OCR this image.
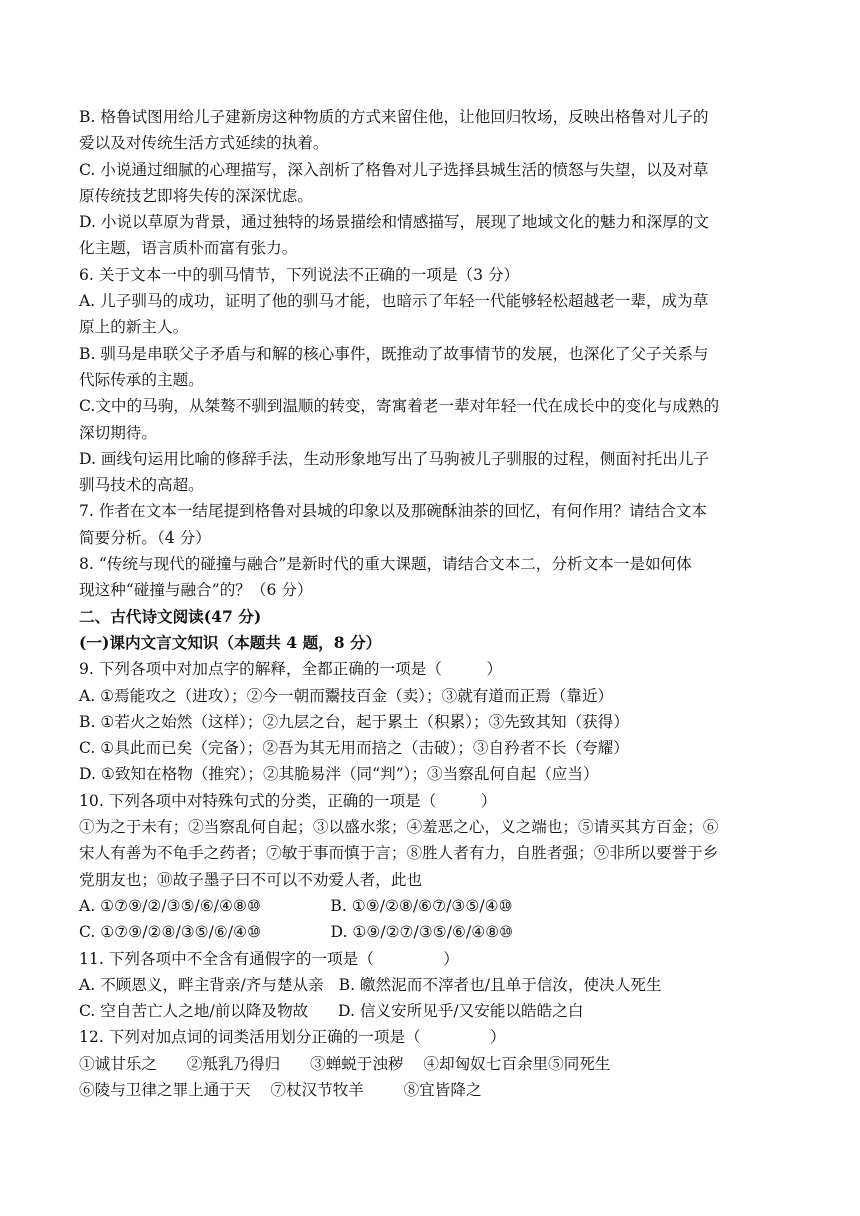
B. 格鲁试图用给儿子建新房这种物质的方式来留住他，让他回归牧场，反映出格鲁对儿子的
爱以及对传统生活方式延续的执着。
C. 小说通过细腻的心理描写，深入剖析了格鲁对儿子选择县城生活的愤怒与失望，以及对草
原传统技艺即将失传的深深忧虑。
D. 小说以草原为背景，通过独特的场景描绘和情感描写，展现了地域文化的魅力和深厚的文
化主题，语言质朴而富有张力。
6. 关于文本一中的驯马情节，下列说法不正确的一项是（3 分）
A. 儿子驯马的成功，证明了他的驯马才能，也暗示了年轻一代能够轻松超越老一辈，成为草
原上的新主人。
B. 驯马是串联父子矛盾与和解的核心事件，既推动了故事情节的发展，也深化了父子关系与
代际传承的主题。
C.文中的马驹，从桀骜不驯到温顺的转变，寄寓着老一辈对年轻一代在成长中的变化与成熟的
深切期待。
D. 画线句运用比喻的修辞手法，生动形象地写出了马驹被儿子驯服的过程，侧面衬托出儿子
驯马技术的高超。
7. 作者在文本一结尾提到格鲁对县城的印象以及那碗酥油茶的回忆，有何作用？请结合文本
简要分析。（4 分）
8. “传统与现代的碰撞与融合”是新时代的重大课题，请结合文本二，分析文本一是如何体
现这种“碰撞与融合”的？（6 分）
二、古代诗文阅读(47 分)
(一)课内文言文知识（本题共 4 题，8 分）
9. 下列各项中对加点字的解释，全都正确的一项是（         ）
A. ①焉能攻之（进攻）；②今一朝而鬻技百金（卖）；③就有道而正焉（靠近）
B. ①若火之始然（这样）；②九层之台，起于累土（积累）；③先致其知（获得）
C. ①具此而已矣（完备）；②吾为其无用而掊之（击破）；③自矜者不长（夸耀）
D. ①致知在格物（推究）；②其脆易泮（同“判”）；③当察乱何自起（应当）
10. 下列各项中对特殊句式的分类，正确的一项是（         ）
①为之于未有；②当察乱何自起；③以盛水浆；④羞恶之心，义之端也；⑤请买其方百金；⑥
宋人有善为不龟手之药者；⑦敏于事而慎于言；⑧胜人者有力，自胜者强；⑨非所以要誉于乡
党朋友也；⑩故子墨子曰不可以不劝爱人者，此也
A. ①⑦⑨/②/③⑤/⑥/④⑧⑩              B. ①⑨/②⑧/⑥⑦/③⑤/④⑩
C. ①⑦⑨/②⑧/③⑤/⑥/④⑩              D. ①⑨/②⑦/③⑤/⑥/④⑧⑩
11. 下列各项中不全含有通假字的一项是（              ）
A. 不顾恩义，畔主背亲/齐与楚从亲   B. 皦然泥而不滓者也/且单于信汝，使决人死生
C. 空自苦亡人之地/前以降及物故      D. 信义安所见乎/又安能以皓皓之白
12. 下列对加点词的词类活用划分正确的一项是（              ）
①诚甘乐之      ②羝乳乃得归      ③蝉蜕于浊秽    ④却匈奴七百余里⑤同死生
⑥陵与卫律之罪上通于天    ⑦杖汉节牧羊        ⑧宜皆降之
